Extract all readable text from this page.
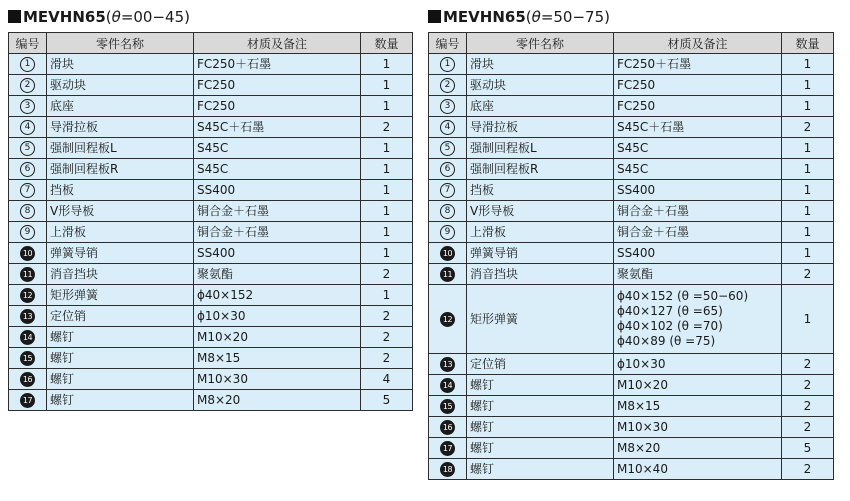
MEVHN65(θ=00−45)
编号	零件名称	材质及备注	数量
1	滑块	FC250＋石墨	1
2	驱动块	FC250	1
3	底座	FC250	1
4	导滑拉板	S45C＋石墨	2
5	强制回程板L	S45C	1
6	强制回程板R	S45C	1
7	挡板	SS400	1
8	V形导板	铜合金＋石墨	1
9	上滑板	铜合金＋石墨	1
10	弹簧导销	SS400	1
11	消音挡块	聚氨酯	2
12	矩形弹簧	ϕ40×152	1
13	定位销	ϕ10×30	2
14	螺钉	M10×20	2
15	螺钉	M8×15	2
16	螺钉	M10×30	4
17	螺钉	M8×20	5
MEVHN65(θ=50−75)
编号	零件名称	材质及备注	数量
1	滑块	FC250＋石墨	1
2	驱动块	FC250	1
3	底座	FC250	1
4	导滑拉板	S45C＋石墨	2
5	强制回程板L	S45C	1
6	强制回程板R	S45C	1
7	挡板	SS400	1
8	V形导板	铜合金＋石墨	1
9	上滑板	铜合金＋石墨	1
10	弹簧导销	SS400	1
11	消音挡块	聚氨酯	2
12	矩形弹簧	ϕ40×152 (θ =50−60)
ϕ40×127 (θ =65)
ϕ40×102 (θ =70)
ϕ40×89 (θ =75)	1
13	定位销	ϕ10×30	2
14	螺钉	M10×20	2
15	螺钉	M8×15	2
16	螺钉	M10×30	2
17	螺钉	M8×20	5
18	螺钉	M10×40	2
